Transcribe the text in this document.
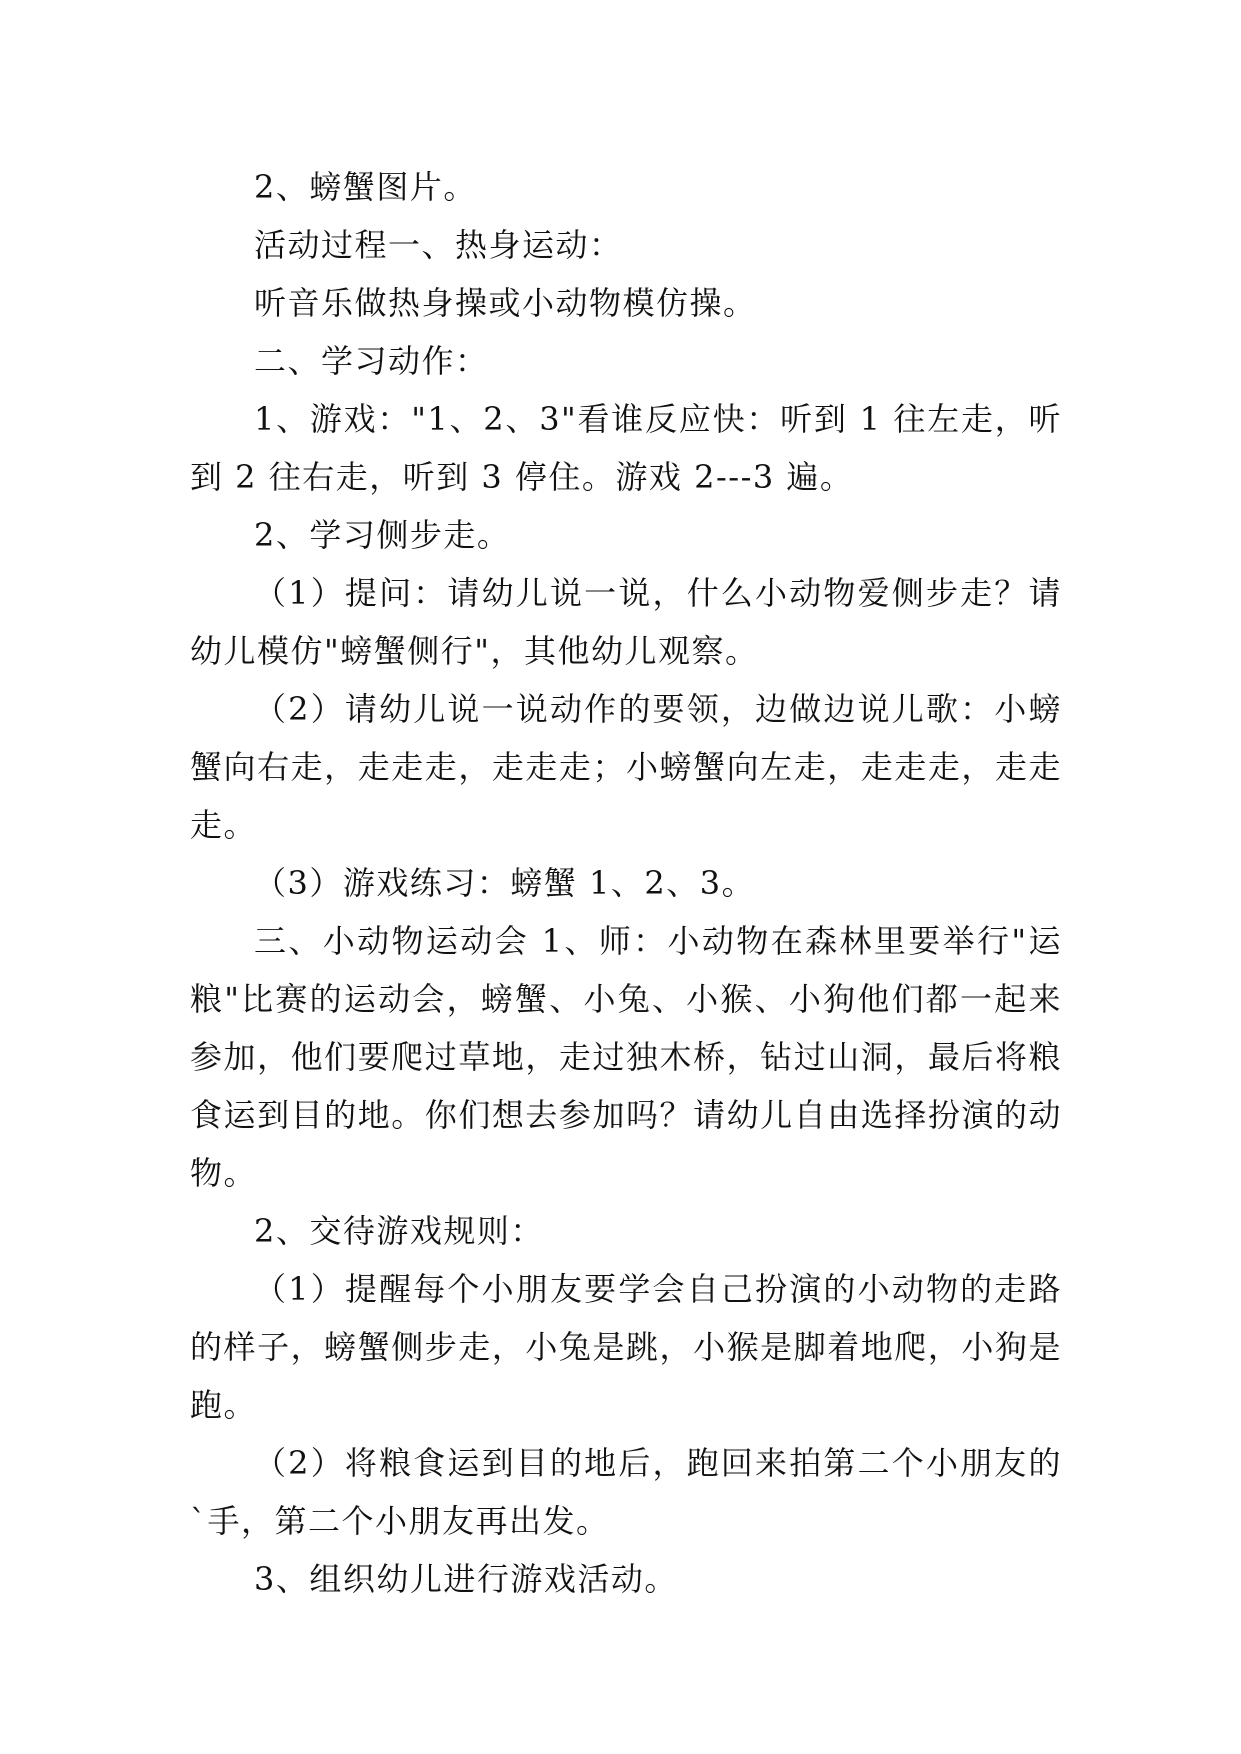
2、螃蟹图片。

活动过程一、热身运动：

听音乐做热身操或小动物模仿操。

二、学习动作：

1、游戏："1、2、3"看谁反应快：听到 1 往左走，听到 2 往右走，听到 3 停住。游戏 2---3 遍。

2、学习侧步走。

（1）提问：请幼儿说一说，什么小动物爱侧步走？请幼儿模仿"螃蟹侧行"，其他幼儿观察。

（2）请幼儿说一说动作的要领，边做边说儿歌：小螃蟹向右走，走走走，走走走；小螃蟹向左走，走走走，走走走。

（3）游戏练习：螃蟹 1、2、3。

三、小动物运动会 1、师：小动物在森林里要举行"运粮"比赛的运动会，螃蟹、小兔、小猴、小狗他们都一起来参加，他们要爬过草地，走过独木桥，钻过山洞，最后将粮食运到目的地。你们想去参加吗？请幼儿自由选择扮演的动物。

2、交待游戏规则：

（1）提醒每个小朋友要学会自己扮演的小动物的走路的样子，螃蟹侧步走，小兔是跳，小猴是脚着地爬，小狗是跑。

（2）将粮食运到目的地后，跑回来拍第二个小朋友的`手，第二个小朋友再出发。

3、组织幼儿进行游戏活动。
